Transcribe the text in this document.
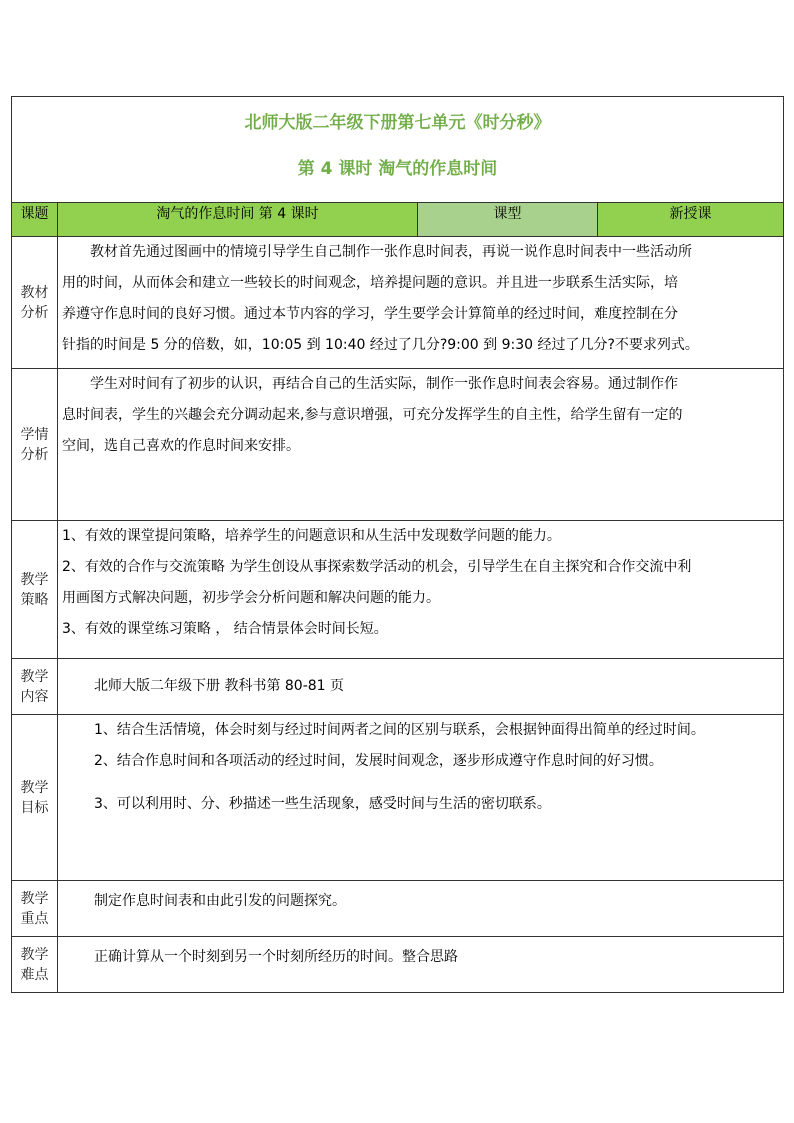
北师大版二年级下册第七单元《时分秒》
第 4 课时 淘气的作息时间			

课题	淘气的作息时间 第 4 课时	课型	新授课
教材分析	教材首先通过图画中的情境引导学生自己制作一张作息时间表，再说一说作息时间表中一些活动所

用的时间，从而体会和建立一些较长的时间观念，培养提问题的意识。并且进一步联系生活实际，培

养遵守作息时间的良好习惯。通过本节内容的学习，学生要学会计算简单的经过时间，难度控制在分

针指的时间是 5 分的倍数，如，10:05 到 10:40 经过了几分?9:00 到 9:30 经过了几分?不要求列式。		

学情分析	学生对时间有了初步的认识，再结合自己的生活实际，制作一张作息时间表会容易。通过制作作

息时间表，学生的兴趣会充分调动起来,参与意识增强，可充分发挥学生的自主性，给学生留有一定的

空间，选自己喜欢的作息时间来安排。		

教学策略	1、有效的课堂提问策略，培养学生的问题意识和从生活中发现数学问题的能力。

2、有效的合作与交流策略 为学生创设从事探索数学活动的机会，引导学生在自主探究和合作交流中利

用画图方式解决问题，初步学会分析问题和解决问题的能力。

3、有效的课堂练习策略 ， 结合情景体会时间长短。		

教学内容	北师大版二年级下册 教科书第 80-81 页		
教学目标	1、结合生活情境，体会时刻与经过时间两者之间的区别与联系，会根据钟面得出简单的经过时间。

2、结合作息时间和各项活动的经过时间，发展时间观念，逐步形成遵守作息时间的好习惯。

3、可以利用时、分、秒描述一些生活现象，感受时间与生活的密切联系。		

教学重点	制定作息时间表和由此引发的问题探究。		
教学难点	正确计算从一个时刻到另一个时刻所经历的时间。整合思路		
